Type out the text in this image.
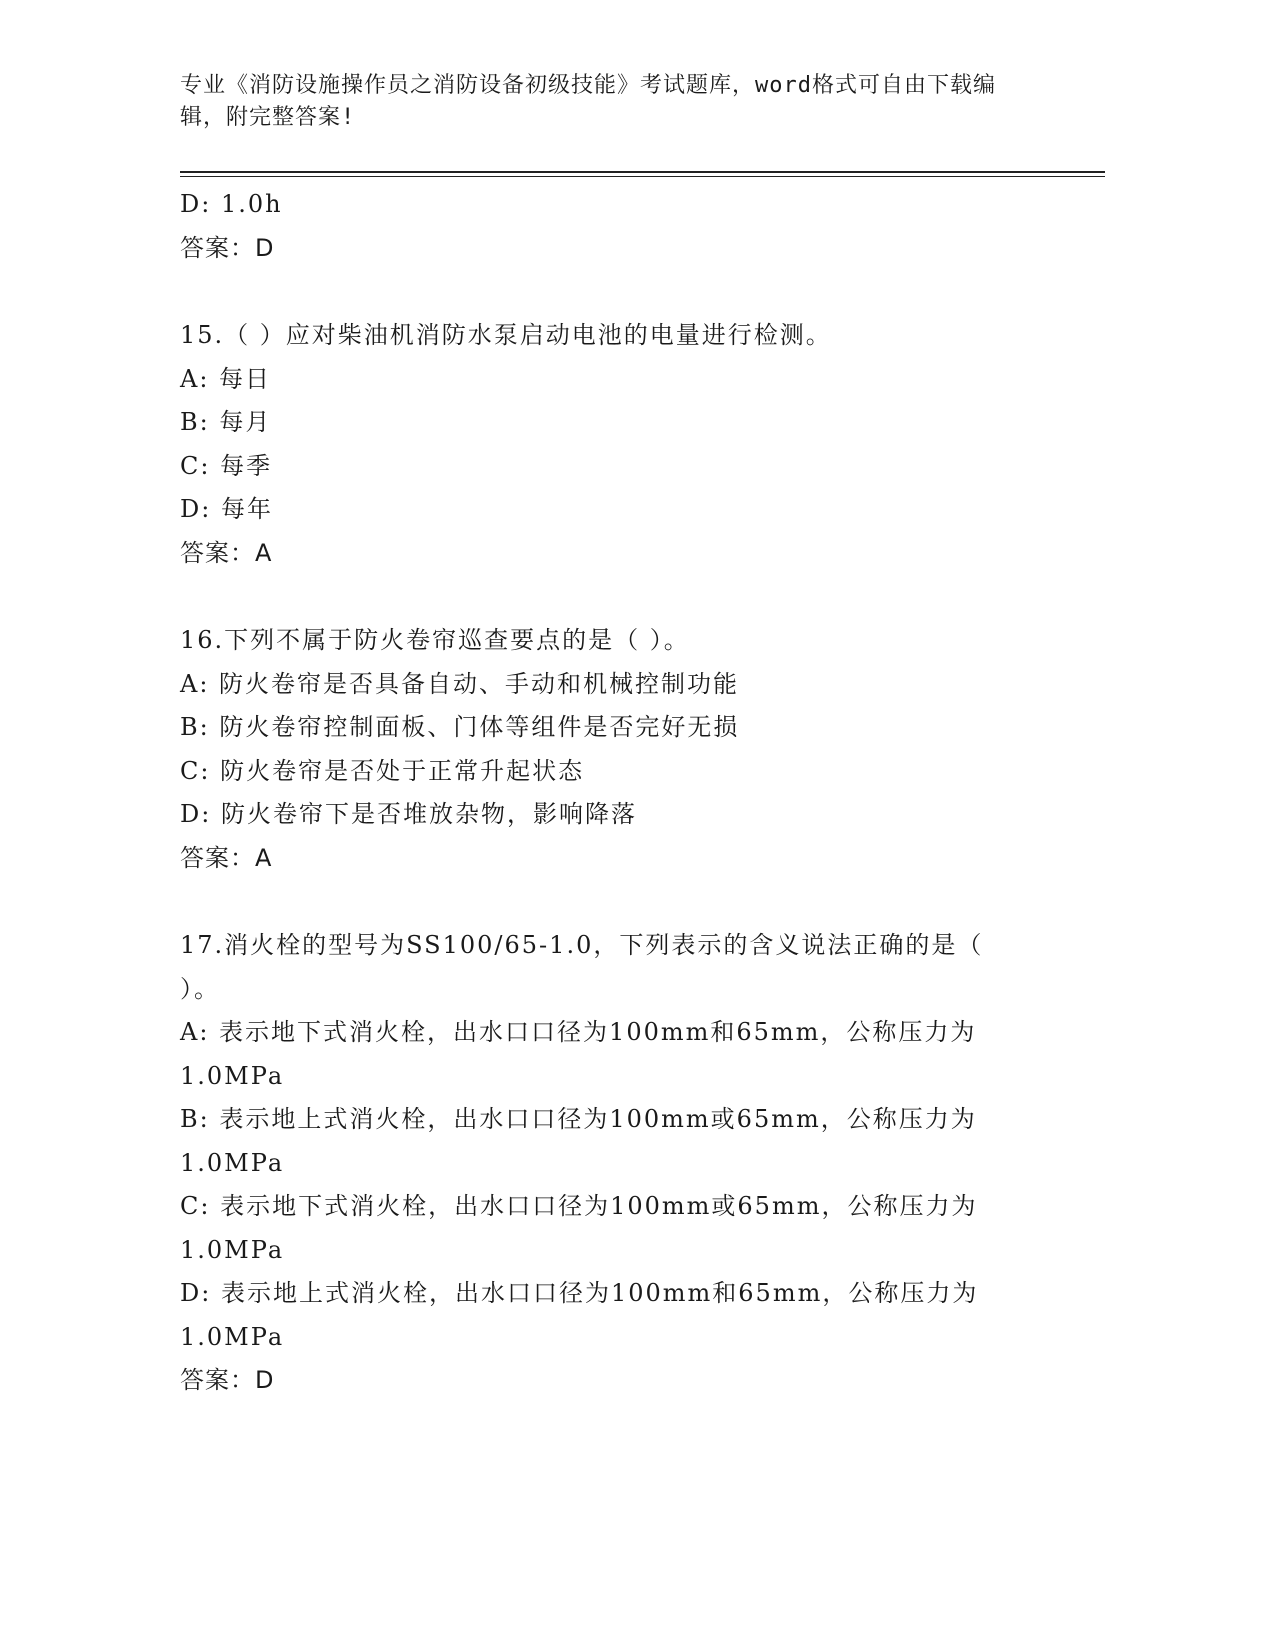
专业《消防设施操作员之消防设备初级技能》考试题库，word格式可自由下载编
辑，附完整答案!
D: 1.0h
答案：D
15.（ ）应对柴油机消防水泵启动电池的电量进行检测。
A: 每日
B: 每月
C: 每季
D: 每年
答案：A
16.下列不属于防火卷帘巡查要点的是（ ）。
A: 防火卷帘是否具备自动、手动和机械控制功能
B: 防火卷帘控制面板、门体等组件是否完好无损
C: 防火卷帘是否处于正常升起状态
D: 防火卷帘下是否堆放杂物，影响降落
答案：A
17.消火栓的型号为SS100/65-1.0，下列表示的含义说法正确的是（
）。
A: 表示地下式消火栓，出水口口径为100mm和65mm，公称压力为
1.0MPa
B: 表示地上式消火栓，出水口口径为100mm或65mm，公称压力为
1.0MPa
C: 表示地下式消火栓，出水口口径为100mm或65mm，公称压力为
1.0MPa
D: 表示地上式消火栓，出水口口径为100mm和65mm，公称压力为
1.0MPa
答案：D
